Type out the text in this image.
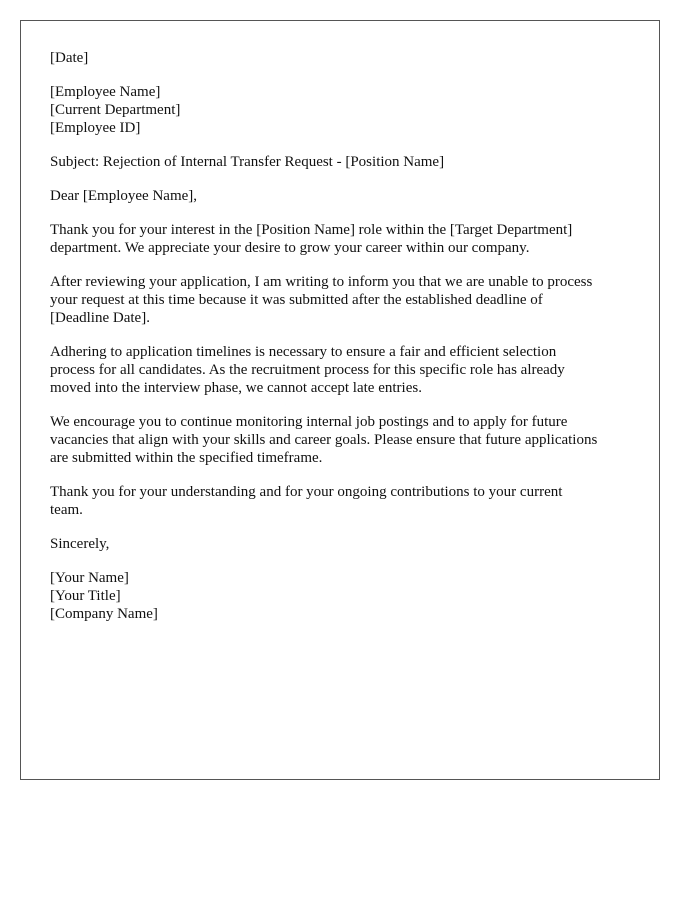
[Date]
[Employee Name]
[Current Department]
[Employee ID]
Subject: Rejection of Internal Transfer Request - [Position Name]
Dear [Employee Name],

Thank you for your interest in the [Position Name] role within the [Target Department]
department. We appreciate your desire to grow your career within our company.

After reviewing your application, I am writing to inform you that we are unable to process
your request at this time because it was submitted after the established deadline of
[Deadline Date].

Adhering to application timelines is necessary to ensure a fair and efficient selection
process for all candidates. As the recruitment process for this specific role has already
moved into the interview phase, we cannot accept late entries.

We encourage you to continue monitoring internal job postings and to apply for future
vacancies that align with your skills and career goals. Please ensure that future applications
are submitted within the specified timeframe.

Thank you for your understanding and for your ongoing contributions to your current
team.

Sincerely,
[Your Name]
[Your Title]
[Company Name]
